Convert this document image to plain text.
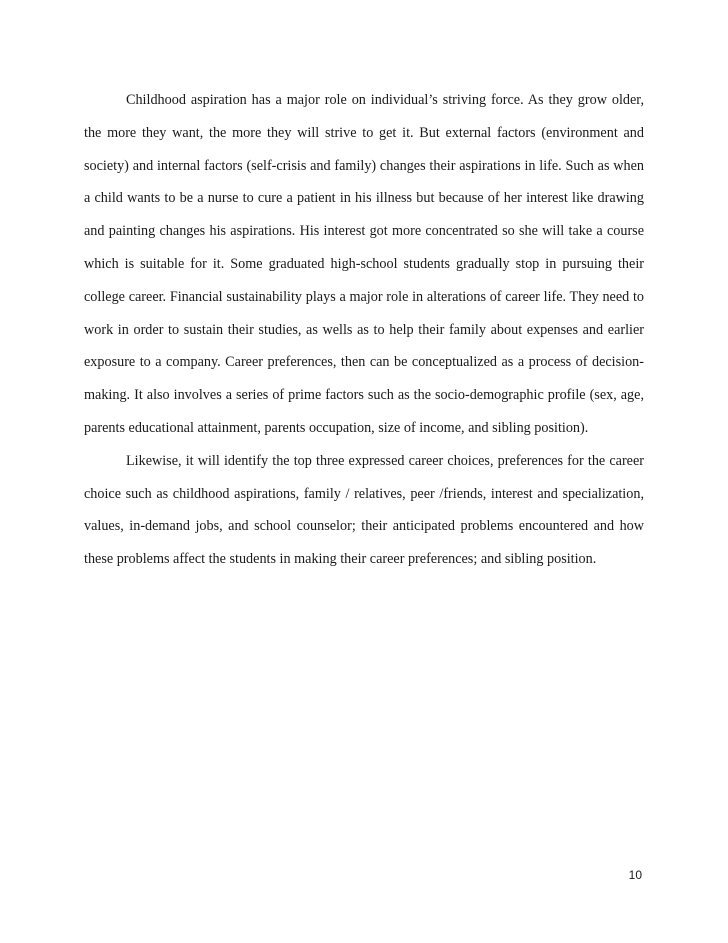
Childhood aspiration has a major role on individual’s striving force. As they grow older, the more they want, the more they will strive to get it. But external factors (environment and society) and internal factors (self-crisis and family) changes their aspirations in life. Such as when a child wants to be a nurse to cure a patient in his illness but because of her interest like drawing and painting changes his aspirations. His interest got more concentrated so she will take a course which is suitable for it. Some graduated high-school students gradually stop in pursuing their college career. Financial sustainability plays a major role in alterations of career life. They need to work in order to sustain their studies, as wells as to help their family about expenses and earlier exposure to a company. Career preferences, then can be conceptualized as a process of decision-making. It also involves a series of prime factors such as the socio-demographic profile (sex, age, parents educational attainment, parents occupation, size of income, and sibling position).

Likewise, it will identify the top three expressed career choices, preferences for the career choice such as childhood aspirations, family / relatives, peer /friends, interest and specialization, values, in-demand jobs, and school counselor; their anticipated problems encountered and how these problems affect the students in making their career preferences; and sibling position.

10
